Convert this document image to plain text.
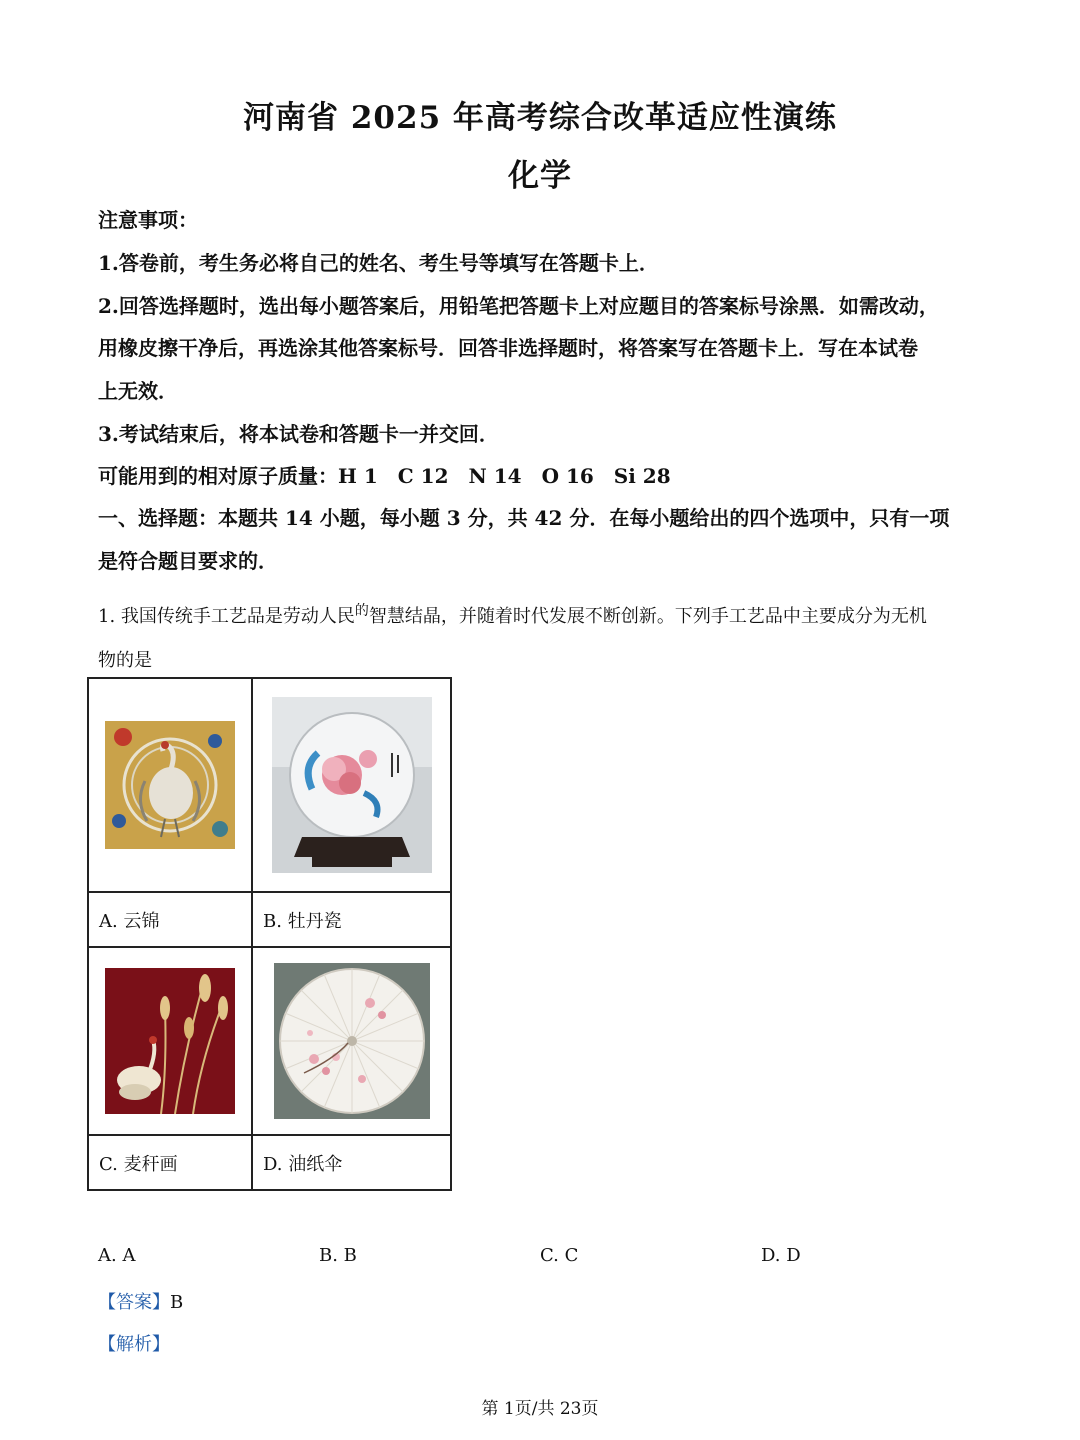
河南省 2025 年高考综合改革适应性演练
化学
注意事项：
1.答卷前，考生务必将自己的姓名、考生号等填写在答题卡上．
2.回答选择题时，选出每小题答案后，用铅笔把答题卡上对应题目的答案标号涂黑．如需改动，
用橡皮擦干净后，再选涂其他答案标号．回答非选择题时，将答案写在答题卡上．写在本试卷
上无效．
3.考试结束后，将本试卷和答题卡一并交回．
可能用到的相对原子质量：H 1　C 12　N 14　O 16　Si 28
一、选择题：本题共 14 小题，每小题 3 分，共 42 分．在每小题给出的四个选项中，只有一项
是符合题目要求的．
1. 我国传统手工艺品是劳动人民$^的$智慧结晶，并随着时代发展不断创新。下列手工艺品中主要成分为无机
物的是

A. 云锦	B. 牡丹瓷

C. 麦秆画	D. 油纸伞
A. A	B. B	C. C	D. D
【答案】B
【解析】
第 1页/共 23页
